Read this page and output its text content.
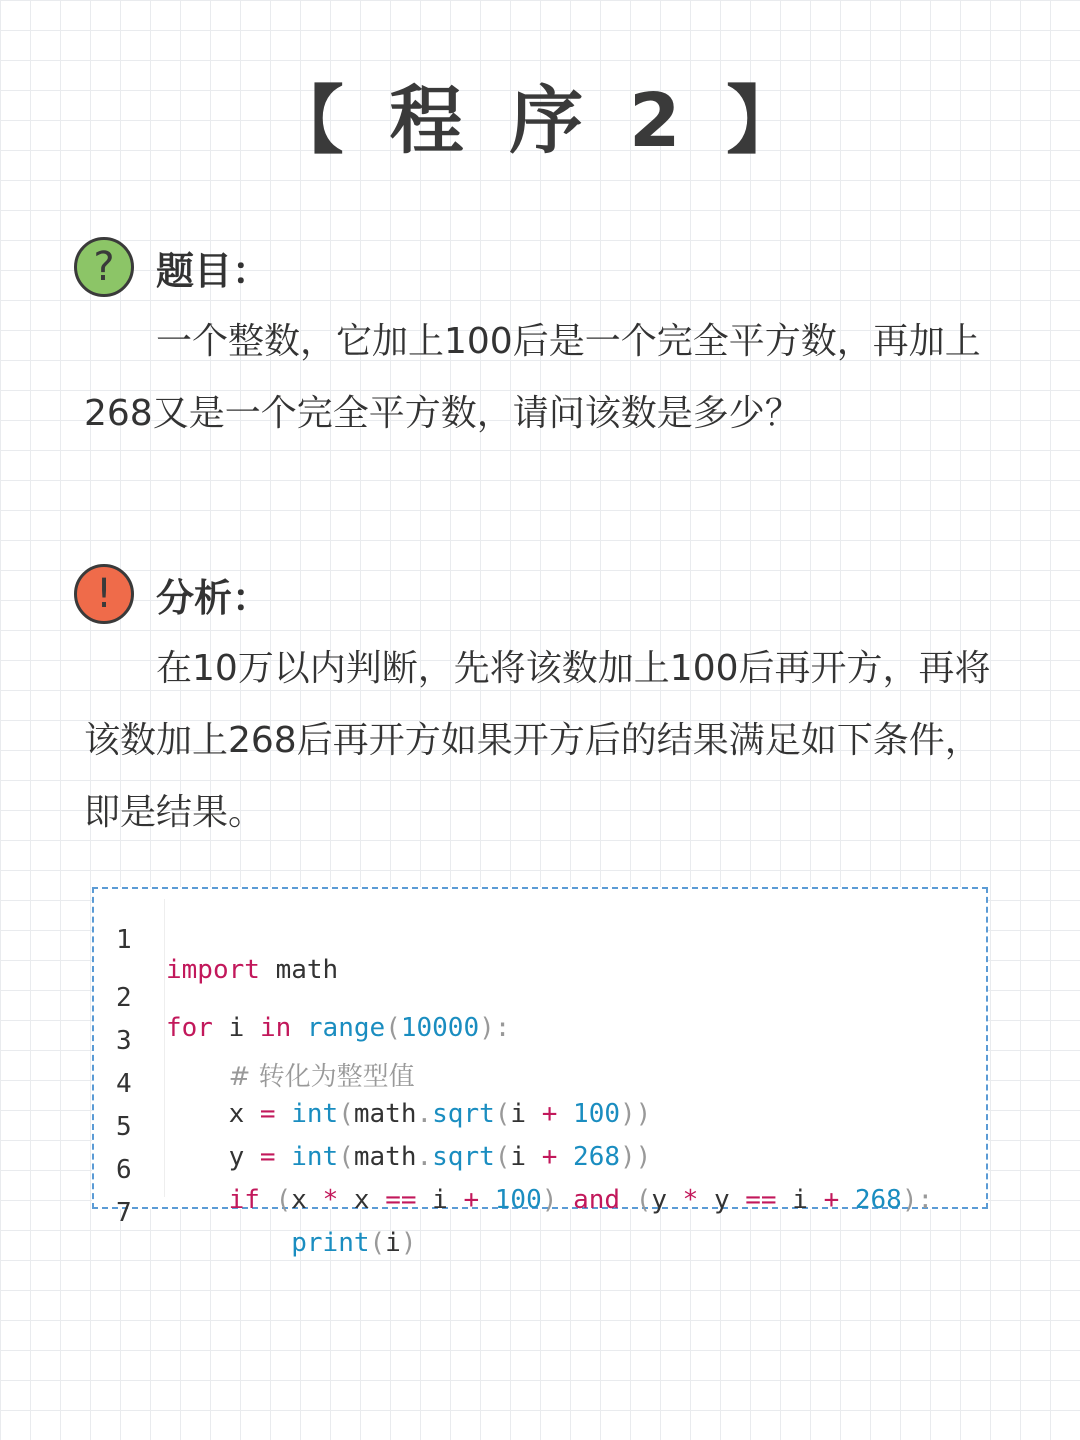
【 程 序 2 】
?	题目：
一个整数，它加上100后是一个完全平方数，再加上268又是一个完全平方数，请问该数是多少？
!	分析：
在10万以内判断，先将该数加上100后再开方，再将该数加上268后再开方如果开方后的结果满足如下条件，即是结果。

1

import math

2

for i in range(10000):

3

# 转化为整型值

4

x = int(math.sqrt(i + 100))

5

y = int(math.sqrt(i + 268))

6

if (x * x == i + 100) and (y * y == i + 268):

7

print(i)
